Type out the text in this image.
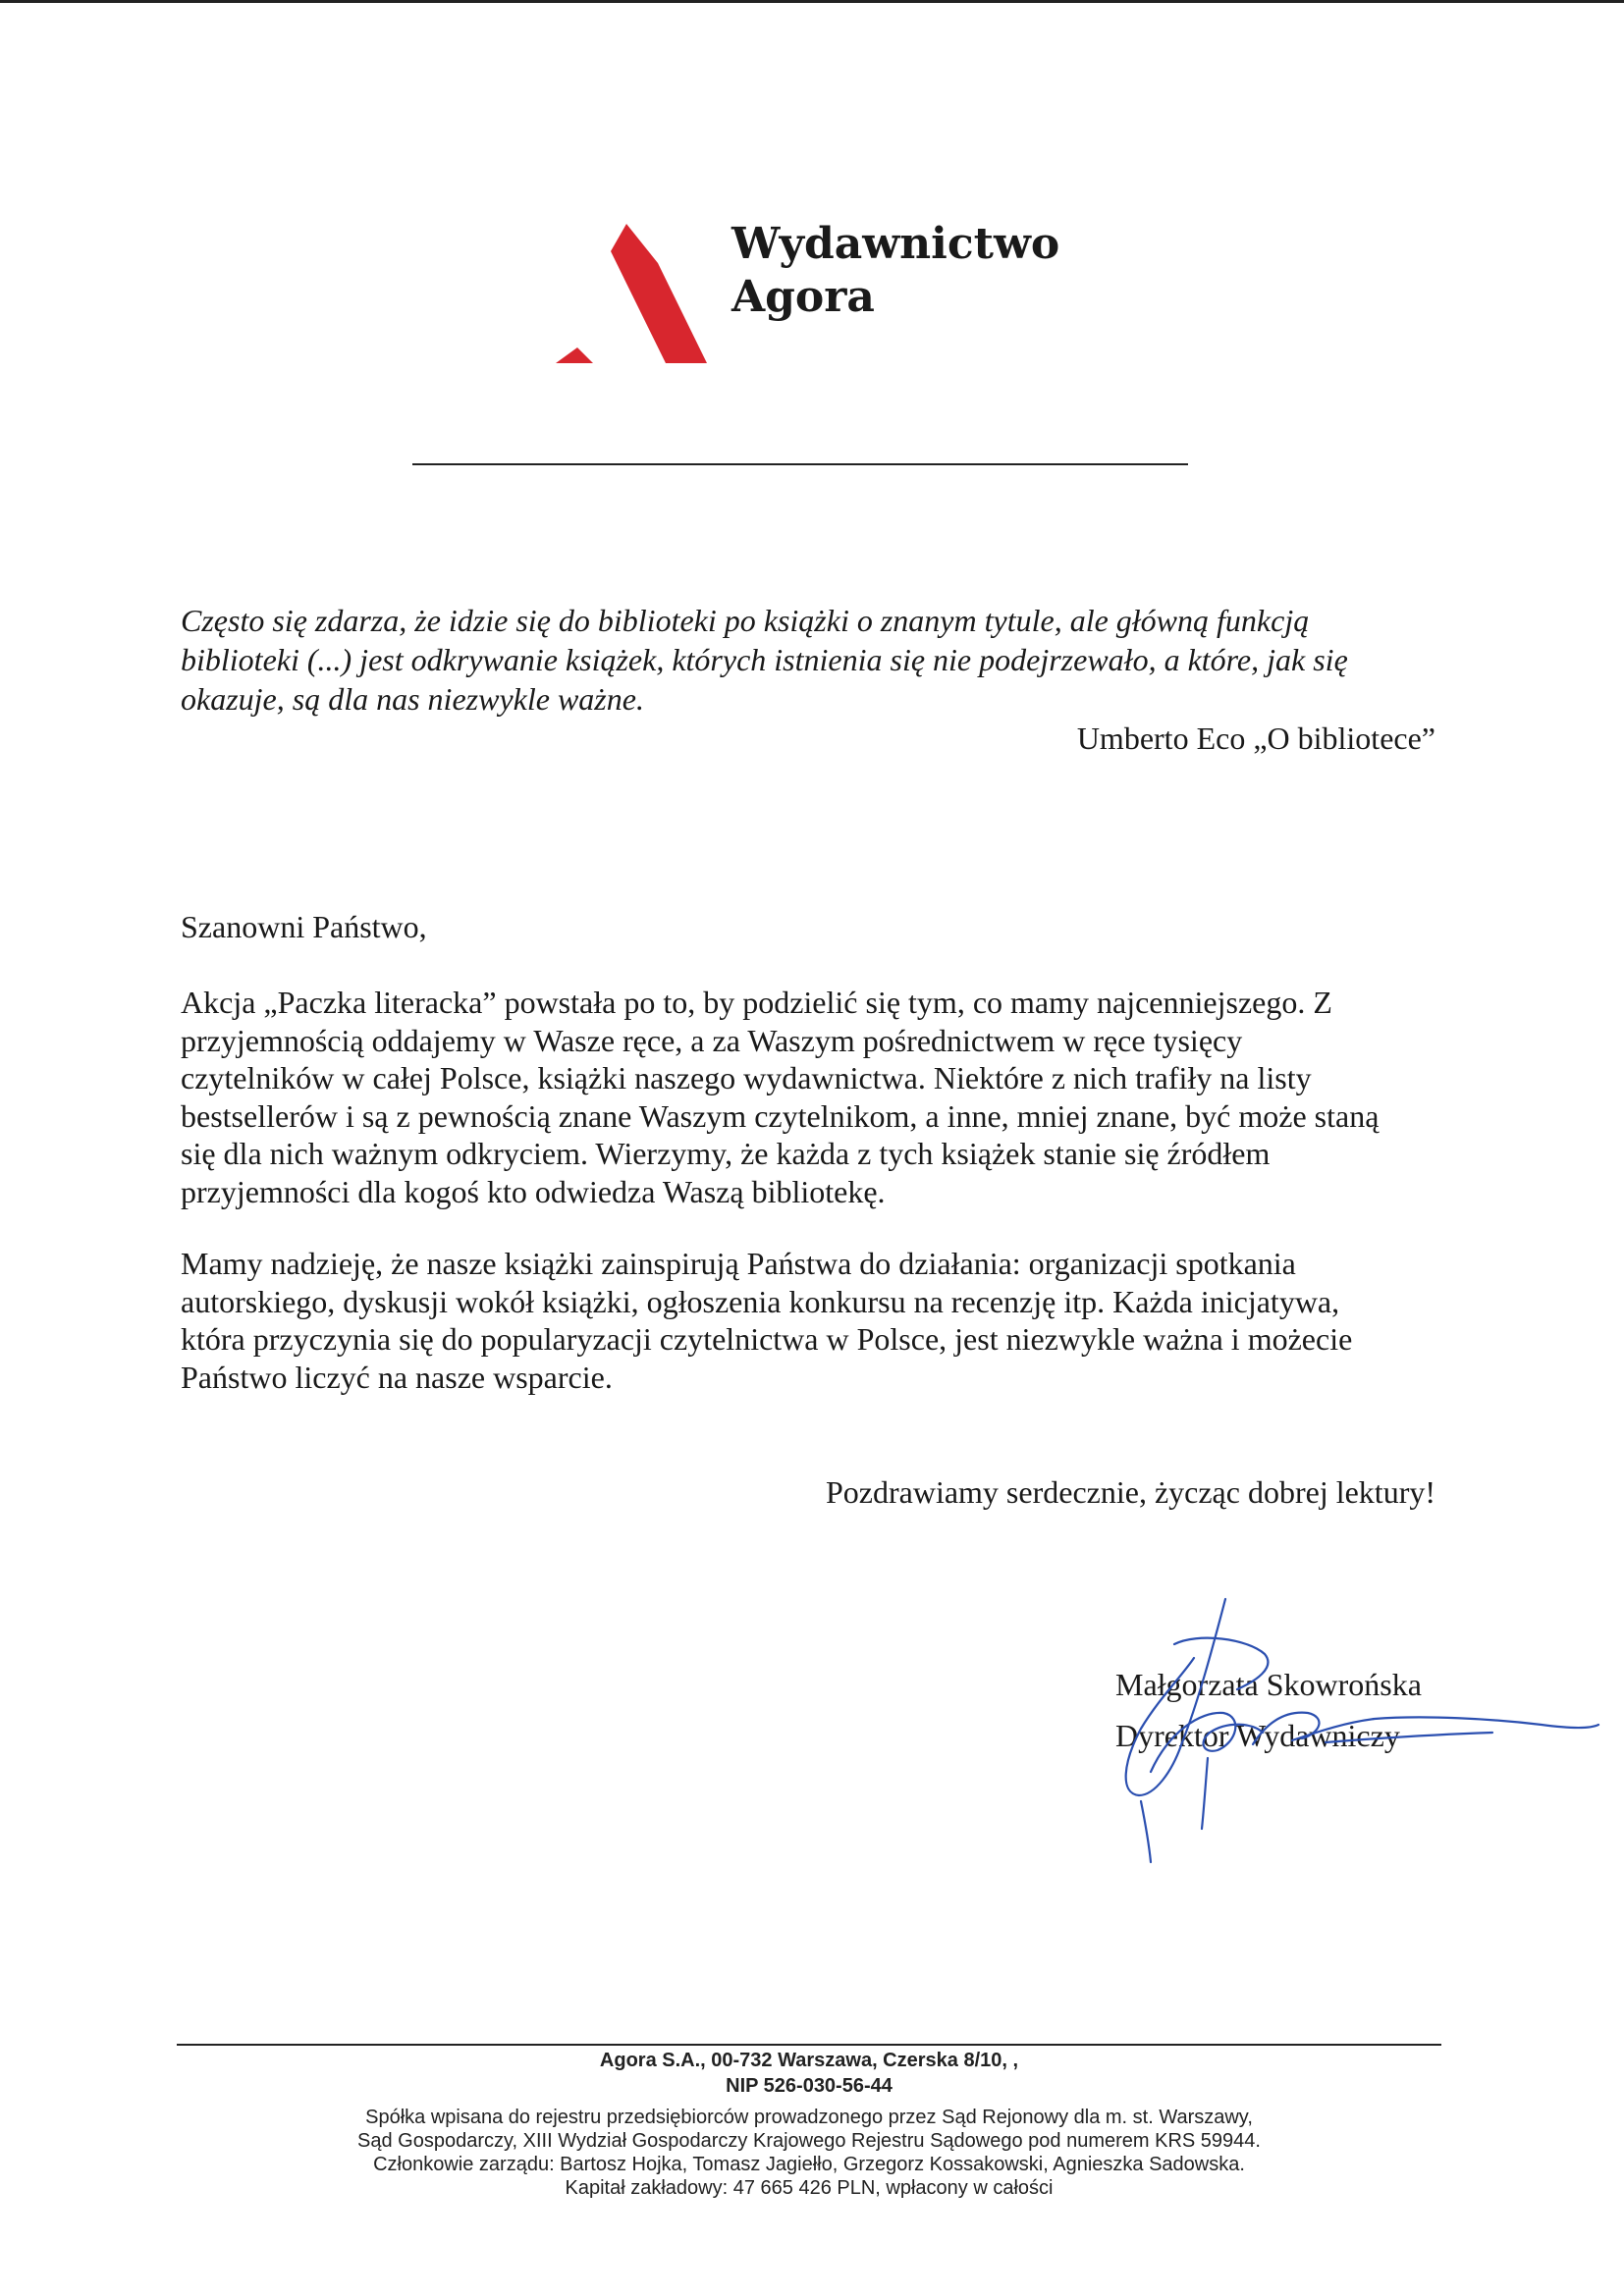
Wydawnictwo
Agora

Często się zdarza, że idzie się do biblioteki po książki o znanym tytule, ale główną funkcją

biblioteki (...) jest odkrywanie książek, których istnienia się nie podejrzewało, a które, jak się

okazuje, są dla nas niezwykle ważne.

Umberto Eco „O bibliotece”
Szanowni Państwo,
Akcja „Paczka literacka” powstała po to, by podzielić się tym, co mamy najcenniejszego. Z
przyjemnością oddajemy w Wasze ręce, a za Waszym pośrednictwem w ręce tysięcy
czytelników w całej Polsce, książki naszego wydawnictwa. Niektóre z nich trafiły na listy
bestsellerów i są z pewnością znane Waszym czytelnikom, a inne, mniej znane, być może staną
się dla nich ważnym odkryciem. Wierzymy, że każda z tych książek stanie się źródłem
przyjemności dla kogoś kto odwiedza Waszą bibliotekę.
Mamy nadzieję, że nasze książki zainspirują Państwa do działania: organizacji spotkania
autorskiego, dyskusji wokół książki, ogłoszenia konkursu na recenzję itp. Każda inicjatywa,
która przyczynia się do popularyzacji czytelnictwa w Polsce, jest niezwykle ważna i możecie
Państwo liczyć na nasze wsparcie.
Pozdrawiamy serdecznie, życząc dobrej lektury!
Małgorzata Skowrońska
Dyrektor Wydawniczy
Agora S.A., 00-732 Warszawa, Czerska 8/10, ,
NIP 526-030-56-44
Spółka wpisana do rejestru przedsiębiorców prowadzonego przez Sąd Rejonowy dla m. st. Warszawy,
Sąd Gospodarczy, XIII Wydział Gospodarczy Krajowego Rejestru Sądowego pod numerem KRS 59944.
Członkowie zarządu: Bartosz Hojka, Tomasz Jagiełło, Grzegorz Kossakowski, Agnieszka Sadowska.
Kapitał zakładowy: 47 665 426 PLN, wpłacony w całości
